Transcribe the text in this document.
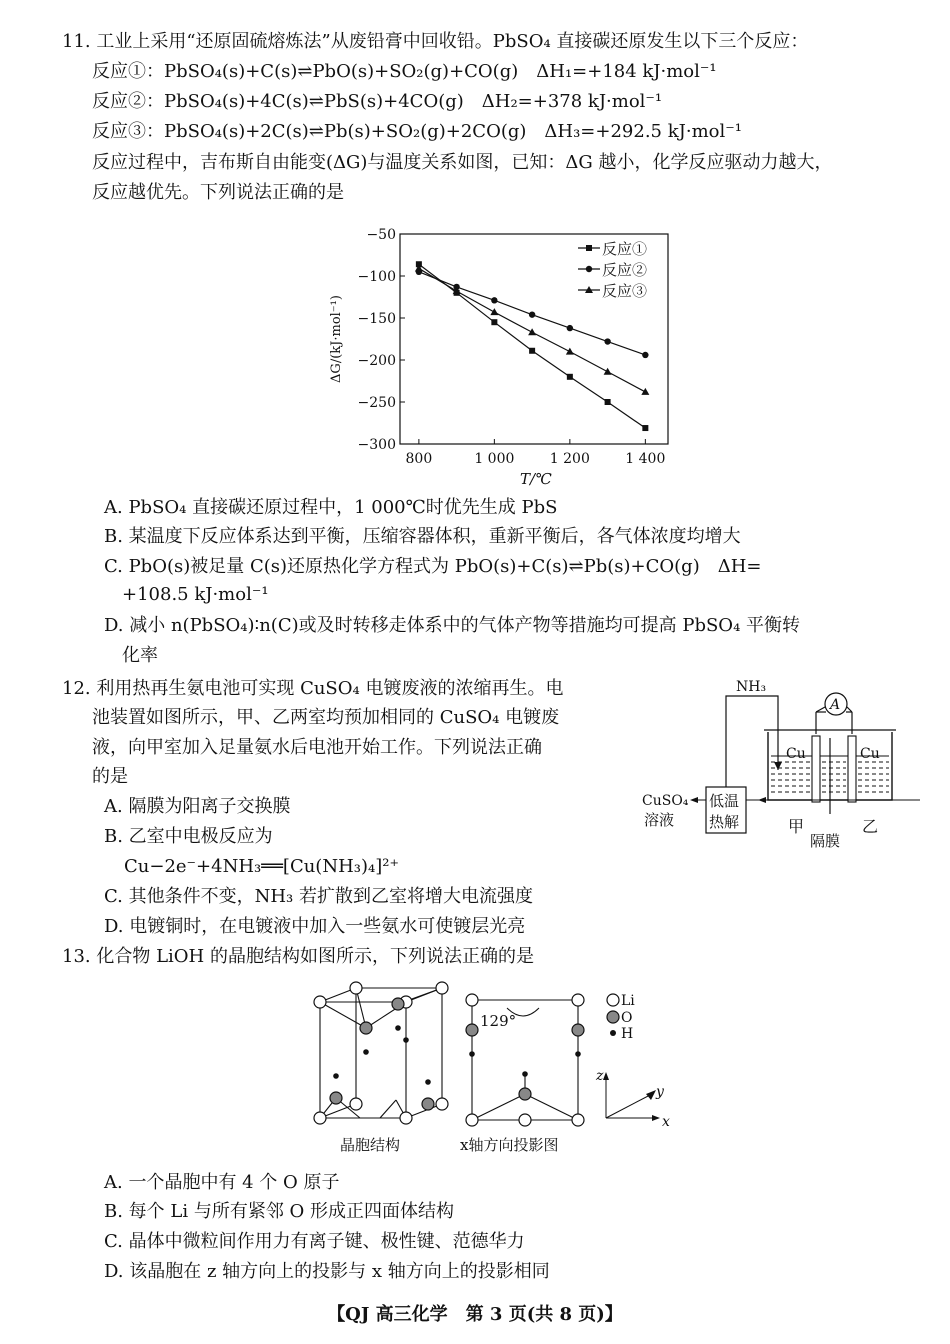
11. 工业上采用“还原固硫熔炼法”从废铅膏中回收铅。PbSO₄ 直接碳还原发生以下三个反应：
反应①：PbSO₄(s)+C(s)⇌PbO(s)+SO₂(g)+CO(g)　ΔH₁=+184 kJ·mol⁻¹
反应②：PbSO₄(s)+4C(s)⇌PbS(s)+4CO(g)　ΔH₂=+378 kJ·mol⁻¹
反应③：PbSO₄(s)+2C(s)⇌Pb(s)+SO₂(g)+2CO(g)　ΔH₃=+292.5 kJ·mol⁻¹
反应过程中，吉布斯自由能变(ΔG)与温度关系如图，已知：ΔG 越小，化学反应驱动力越大，
反应越优先。下列说法正确的是
−50
−100
−150
−200
−250
−300
800	1 000	1 200	1 400
T/℃
ΔG/(kJ·mol⁻¹)
反应①
反应②
反应③
A. PbSO₄ 直接碳还原过程中，1 000℃时优先生成 PbS
B. 某温度下反应体系达到平衡，压缩容器体积，重新平衡后，各气体浓度均增大
C. PbO(s)被足量 C(s)还原热化学方程式为 PbO(s)+C(s)⇌Pb(s)+CO(g)　ΔH=
+108.5 kJ·mol⁻¹
D. 减小 n(PbSO₄)∶n(C)或及时转移走体系中的气体产物等措施均可提高 PbSO₄ 平衡转
化率
12. 利用热再生氨电池可实现 CuSO₄ 电镀废液的浓缩再生。电
池装置如图所示，甲、乙两室均预加相同的 CuSO₄ 电镀废
液，向甲室加入足量氨水后电池开始工作。下列说法正确
的是
A. 隔膜为阳离子交换膜
B. 乙室中电极反应为
Cu−2e⁻+4NH₃══[Cu(NH₃)₄]²⁺
C. 其他条件不变，NH₃ 若扩散到乙室将增大电流强度
D. 电镀铜时，在电镀液中加入一些氨水可使镀层光亮
NH₃
A
Cu	Cu
低温
热解
CuSO₄
溶液	甲	乙
隔膜
13. 化合物 LiOH 的晶胞结构如图所示，下列说法正确的是
129°
晶胞结构	x轴方向投影图
Li
O
H
z
y
x
A. 一个晶胞中有 4 个 O 原子
B. 每个 Li 与所有紧邻 O 形成正四面体结构
C. 晶体中微粒间作用力有离子键、极性键、范德华力
D. 该晶胞在 z 轴方向上的投影与 x 轴方向上的投影相同
【QJ 高三化学　第 3 页(共 8 页)】
